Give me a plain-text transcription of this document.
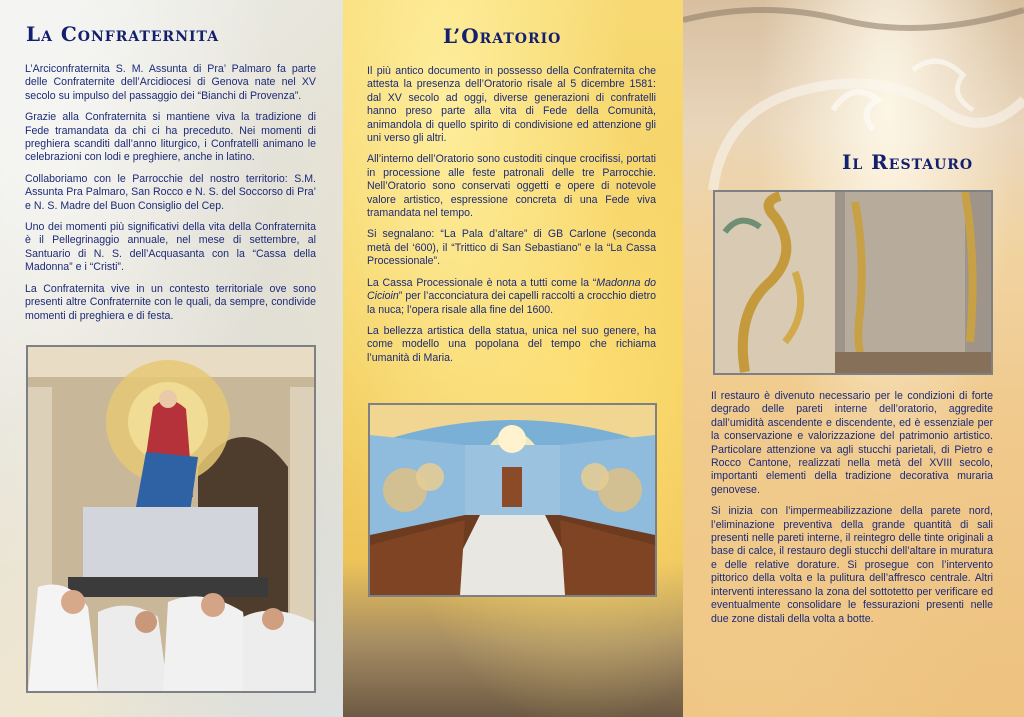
La Confraternita

L’Arciconfraternita S. M. Assunta di Pra’ Palmaro fa parte delle Confraternite dell’Arcidiocesi di Genova nate nel XV secolo su impulso del passaggio dei “Bianchi di Provenza”.

Grazie alla Confraternita si mantiene viva la tradizione di Fede tramandata da chi ci ha preceduto. Nei momenti di preghiera scanditi dall’anno liturgico, i Confratelli animano le celebrazioni con lodi e preghiere, anche in latino.

Collaboriamo con le Parrocchie del nostro territorio: S.M. Assunta Pra Palmaro, San Rocco e N. S. del Soccorso di Pra’ e N. S. Madre del Buon Consiglio del Cep.

Uno dei momenti più significativi della vita della Confraternita è il Pellegrinaggio annuale, nel mese di settembre, al Santuario di N. S. dell’Acquasanta con la “Cassa della Madonna” e i “Cristi”.

La Confraternita vive in un contesto territoriale ove sono presenti altre Confraternite con le quali, da sempre, condivide momenti di preghiera e di festa.

L’Oratorio

Il più antico documento in possesso della Confraternita che attesta la presenza dell’Oratorio risale al 5 dicembre 1581: dal XV secolo ad oggi, diverse generazioni di confratelli hanno preso parte alla vita di Fede della Comunità, animandola di quello spirito di condivisione ed attenzione gli uni verso gli altri.

All’interno dell’Oratorio sono custoditi cinque crocifissi, portati in processione alle feste patronali delle tre Parrocchie. Nell’Oratorio sono conservati oggetti e opere di notevole valore artistico, espressione concreta di una Fede viva tramandata nel tempo.

Si segnalano: “La Pala d’altare” di GB Carlone (seconda metà del ‘600), il “Trittico di San Sebastiano” e la “La Cassa Processionale”.

La Cassa Processionale è nota a tutti come la “Madonna do Cicioin” per l’acconciatura dei capelli raccolti a crocchio dietro la nuca; l’opera risale alla fine del 1600.

La bellezza artistica della statua, unica nel suo genere, ha come modello una popolana del tempo che richiama l’umanità di Maria.

Il Restauro

Il restauro è divenuto necessario per le condizioni di forte degrado delle pareti interne dell’oratorio, aggredite dall’umidità ascendente e discendente, ed è essenziale per la conservazione e valorizzazione del patrimonio artistico. Particolare attenzione va agli stucchi parietali, di Pietro e Rocco Cantone, realizzati nella metà del XVIII secolo, importanti elementi della tradizione decorativa muraria genovese.

Si inizia con l’impermeabilizzazione della parete nord, l’eliminazione preventiva della grande quantità di sali presenti nelle pareti interne, il reintegro delle tinte originali a base di calce, il restauro degli stucchi dell’altare in muratura e delle relative dorature. Si prosegue con l’intervento pittorico della volta e la pulitura dell’affresco centrale. Altri interventi interessano la zona del sottotetto per verificare ed eventualmente consolidare le fessurazioni presenti nelle due zone distali della volta a botte.
